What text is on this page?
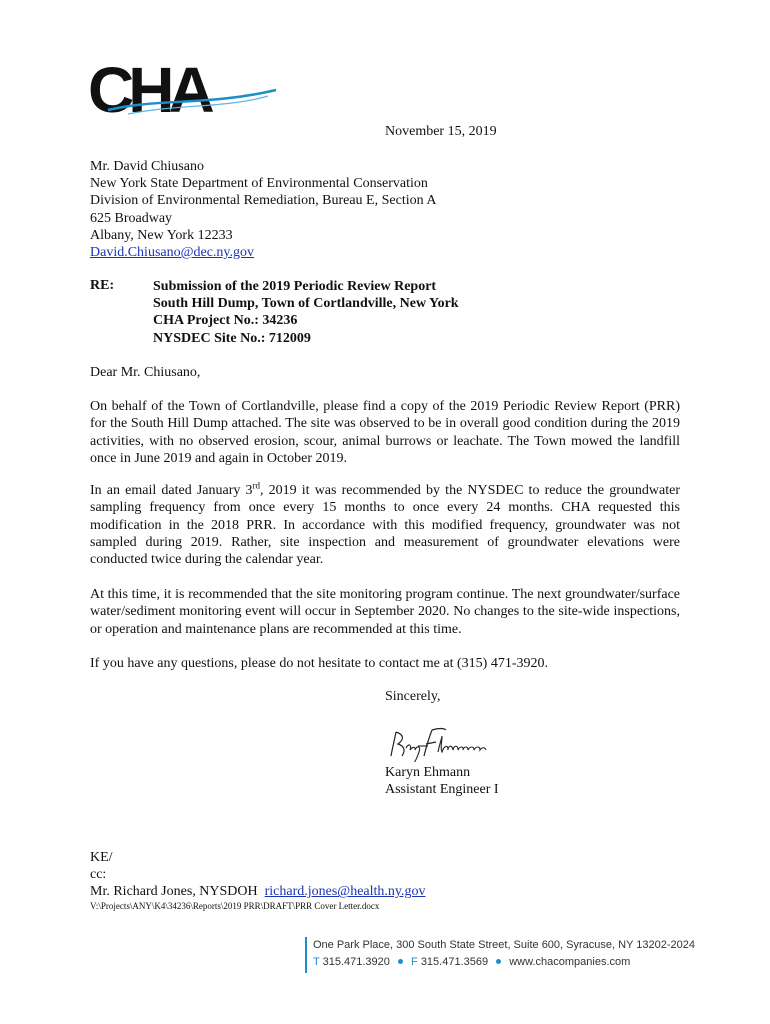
CHA
November 15, 2019
Mr. David Chiusano
New York State Department of Environmental Conservation
Division of Environmental Remediation, Bureau E, Section A
625 Broadway
Albany, New York 12233
David.Chiusano@dec.ny.gov
RE:	Submission of the 2019 Periodic Review Report
South Hill Dump, Town of Cortlandville, New York
CHA Project No.: 34236
NYSDEC Site No.: 712009
Dear Mr. Chiusano,
On behalf of the Town of Cortlandville, please find a copy of the 2019 Periodic Review Report (PRR) for the South Hill Dump attached. The site was observed to be in overall good condition during the 2019 activities, with no observed erosion, scour, animal burrows or leachate. The Town mowed the landfill once in June 2019 and again in October 2019.
In an email dated January 3rd, 2019 it was recommended by the NYSDEC to reduce the groundwater sampling frequency from once every 15 months to once every 24 months. CHA requested this modification in the 2018 PRR. In accordance with this modified frequency, groundwater was not sampled during 2019. Rather, site inspection and measurement of groundwater elevations were conducted twice during the calendar year.
At this time, it is recommended that the site monitoring program continue. The next groundwater/surface water/sediment monitoring event will occur in September 2020. No changes to the site-wide inspections, or operation and maintenance plans are recommended at this time.
If you have any questions, please do not hesitate to contact me at (315) 471-3920.
Sincerely,
Karyn Ehmann
Assistant Engineer I
KE/
cc:
Mr. Richard Jones, NYSDOH richard.jones@health.ny.gov
V:\Projects\ANY\K4\34236\Reports\2019 PRR\DRAFT\PRR Cover Letter.docx
One Park Place, 300 South State Street, Suite 600, Syracuse, NY 13202-2024
T 315.471.3920 F 315.471.3569 www.chacompanies.com
